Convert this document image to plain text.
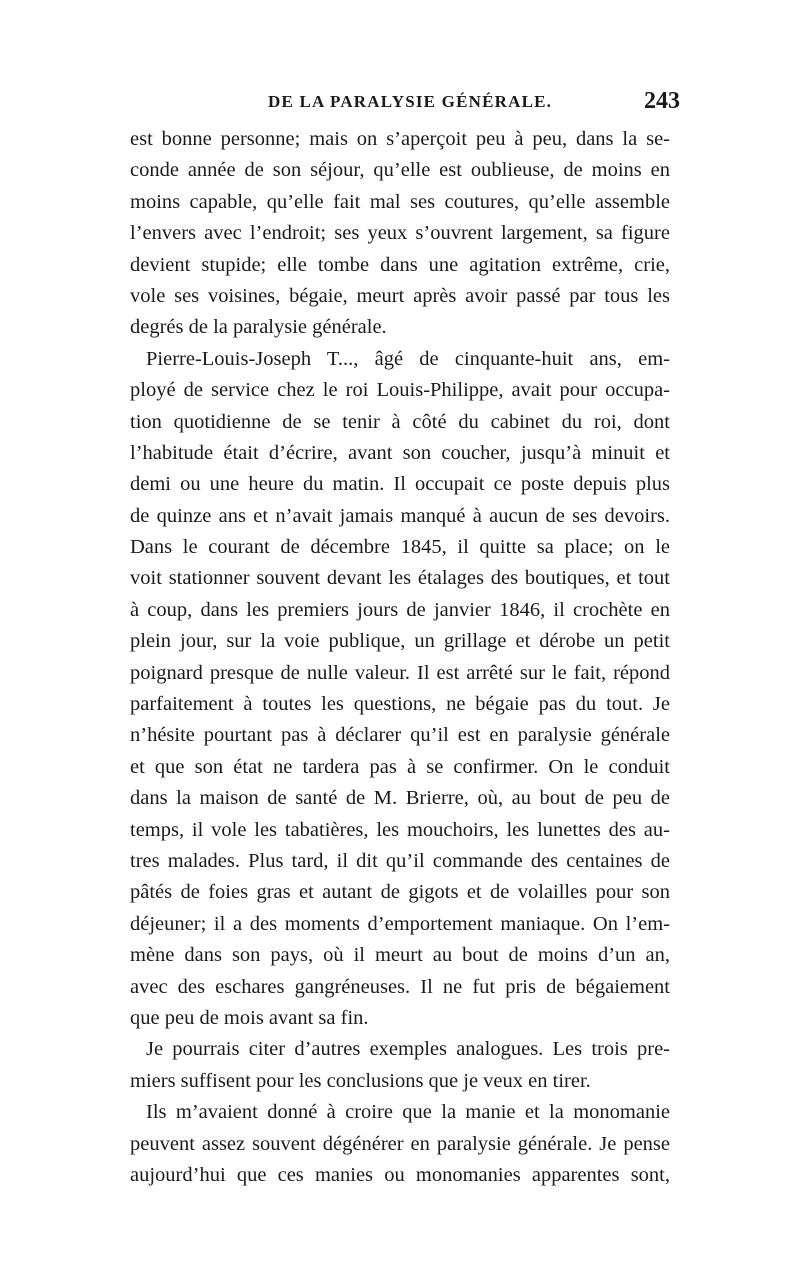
DE LA PARALYSIE GÉNÉRALE.	243
est bonne personne; mais on s’aperçoit peu à peu, dans la se-
conde année de son séjour, qu’elle est oublieuse, de moins en
moins capable, qu’elle fait mal ses coutures, qu’elle assemble
l’envers avec l’endroit; ses yeux s’ouvrent largement, sa figure
devient stupide; elle tombe dans une agitation extrême, crie,
vole ses voisines, bégaie, meurt après avoir passé par tous les
degrés de la paralysie générale.
Pierre-Louis-Joseph T..., âgé de cinquante-huit ans, em-
ployé de service chez le roi Louis-Philippe, avait pour occupa-
tion quotidienne de se tenir à côté du cabinet du roi, dont
l’habitude était d’écrire, avant son coucher, jusqu’à minuit et
demi ou une heure du matin. Il occupait ce poste depuis plus
de quinze ans et n’avait jamais manqué à aucun de ses devoirs.
Dans le courant de décembre 1845, il quitte sa place; on le
voit stationner souvent devant les étalages des boutiques, et tout
à coup, dans les premiers jours de janvier 1846, il crochète en
plein jour, sur la voie publique, un grillage et dérobe un petit
poignard presque de nulle valeur. Il est arrêté sur le fait, répond
parfaitement à toutes les questions, ne bégaie pas du tout. Je
n’hésite pourtant pas à déclarer qu’il est en paralysie générale
et que son état ne tardera pas à se confirmer. On le conduit
dans la maison de santé de M. Brierre, où, au bout de peu de
temps, il vole les tabatières, les mouchoirs, les lunettes des au-
tres malades. Plus tard, il dit qu’il commande des centaines de
pâtés de foies gras et autant de gigots et de volailles pour son
déjeuner; il a des moments d’emportement maniaque. On l’em-
mène dans son pays, où il meurt au bout de moins d’un an,
avec des eschares gangréneuses. Il ne fut pris de bégaiement
que peu de mois avant sa fin.
Je pourrais citer d’autres exemples analogues. Les trois pre-
miers suffisent pour les conclusions que je veux en tirer.
Ils m’avaient donné à croire que la manie et la monomanie
peuvent assez souvent dégénérer en paralysie générale. Je pense
aujourd’hui que ces manies ou monomanies apparentes sont,
